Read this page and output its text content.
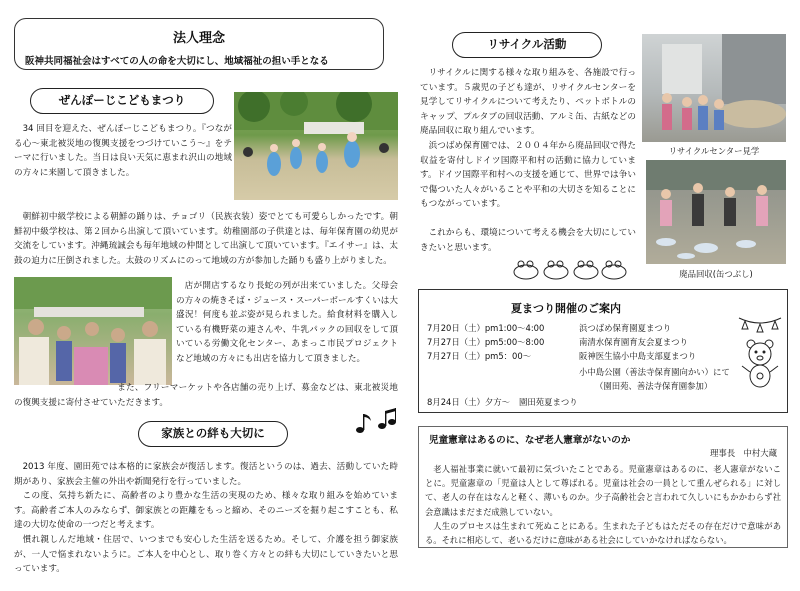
法人理念
阪神共同福祉会はすべての人の命を大切にし、地域福祉の担い手となる
ぜんぽーじこどもまつり

34 回目を迎えた、ぜんぽーじこどもまつり。『つながる心～東北被災地の復興支援をつづけていこう～』をテーマに行いました。当日は良い天気に恵まれ沢山の地域の方々に来園して頂きました。

朝鮮初中級学校による朝鮮の踊りは、チョゴリ（民族衣装）姿でとても可愛らしかったです。朝鮮初中級学校は、第２回から出演して頂いています。幼稚園部の子供達とは、毎年保育園の幼児が交流をしています。沖縄琉誠会も毎年地域の仲間として出演して頂いています。『エイサー』は、太鼓の迫力に圧倒されました。太鼓のリズムにのって地域の方が参加した踊りも盛り上がりました。

店が開店するなり長蛇の列が出来ていました。父母会の方々の焼きそば・ジュース・スーパーボールすくいは大盛況！何度も並ぶ姿が見られました。給食材料を購入している有機野菜の連さんや、牛乳パックの回収をして頂いている労働文化センター、あまっこ市民プロジェクトなど地域の方々にも出店を協力して頂きました。

また、フリーマーケットや各店舗の売り上げ、募金などは、東北被災地の復興支援に寄付させていただきます。

家族との絆も大切に

2013 年度、園田苑では本格的に家族会が復活します。復活というのは、過去、活動していた時期があり、家族会主催の外出や新聞発行を行っていました。

この度、気持ち新たに、高齢者のより豊かな生活の実現のため、様々な取り組みを始めています。高齢者ご本人のみならず、御家族との距離をもっと縮め、そのニーズを掘り起こすことも、私達の大切な使命の一つだと考えます。

慣れ親しんだ地域・住居で、いつまでも安心した生活を送るため。そして、介護を担う御家族が、一人で悩まれないように。ご本人を中心とし、取り巻く方々との絆も大切にしていきたいと思っています。

リサイクル活動

リサイクルに関する様々な取り組みを、各施設で行っています。５歳児の子ども達が、リサイクルセンターを見学してリサイクルについて考えたり、ペットボトルのキャップ、プルタブの回収活動、アルミ缶、古紙などの廃品回収に取り組んでいます。

浜つばめ保育園では、２００４年から廃品回収で得た収益を寄付しドイツ国際平和村の活動に協力しています。ドイツ国際平和村への支援を通じて、世界では争いで傷ついた人々がいることや平和の大切さを知ることにもつながっています。

これからも、環境について考える機会を大切にしていきたいと思います。

リサイクルセンター見学
廃品回収(缶つぶし)
夏まつり開催のご案内
7月20日（土）pm1:00～4:00	浜つばめ保育園夏まつり
7月27日（土）pm5:00～8:00	南清水保育園育友会夏まつり
7月27日（土）pm5：00～	阪神医生協小中島支部夏まつり
小中島公園（善法寺保育園向かい）にて
（園田苑、善法寺保育園参加）
8月24日（土）夕方～ 園田苑夏まつり
児童憲章はあるのに、なぜ老人憲章がないのか
理事長　中村大蔵

老人福祉事業に就いて最初に気づいたことである。児童憲章はあるのに、老人憲章がないことに。児童憲章の「児童は人として尊ばれる。児童は社会の一員として重んぜられる」に対して、老人の存在はなんと軽く、薄いものか。少子高齢社会と言われて久しいにもかかわらず社会意識はまだまだ成熟していない。

人生のプロセスは生まれて死ぬことにある。生まれた子どもはただその存在だけで意味がある。それに相応して、老いるだけに意味がある社会にしていかなければならない。
